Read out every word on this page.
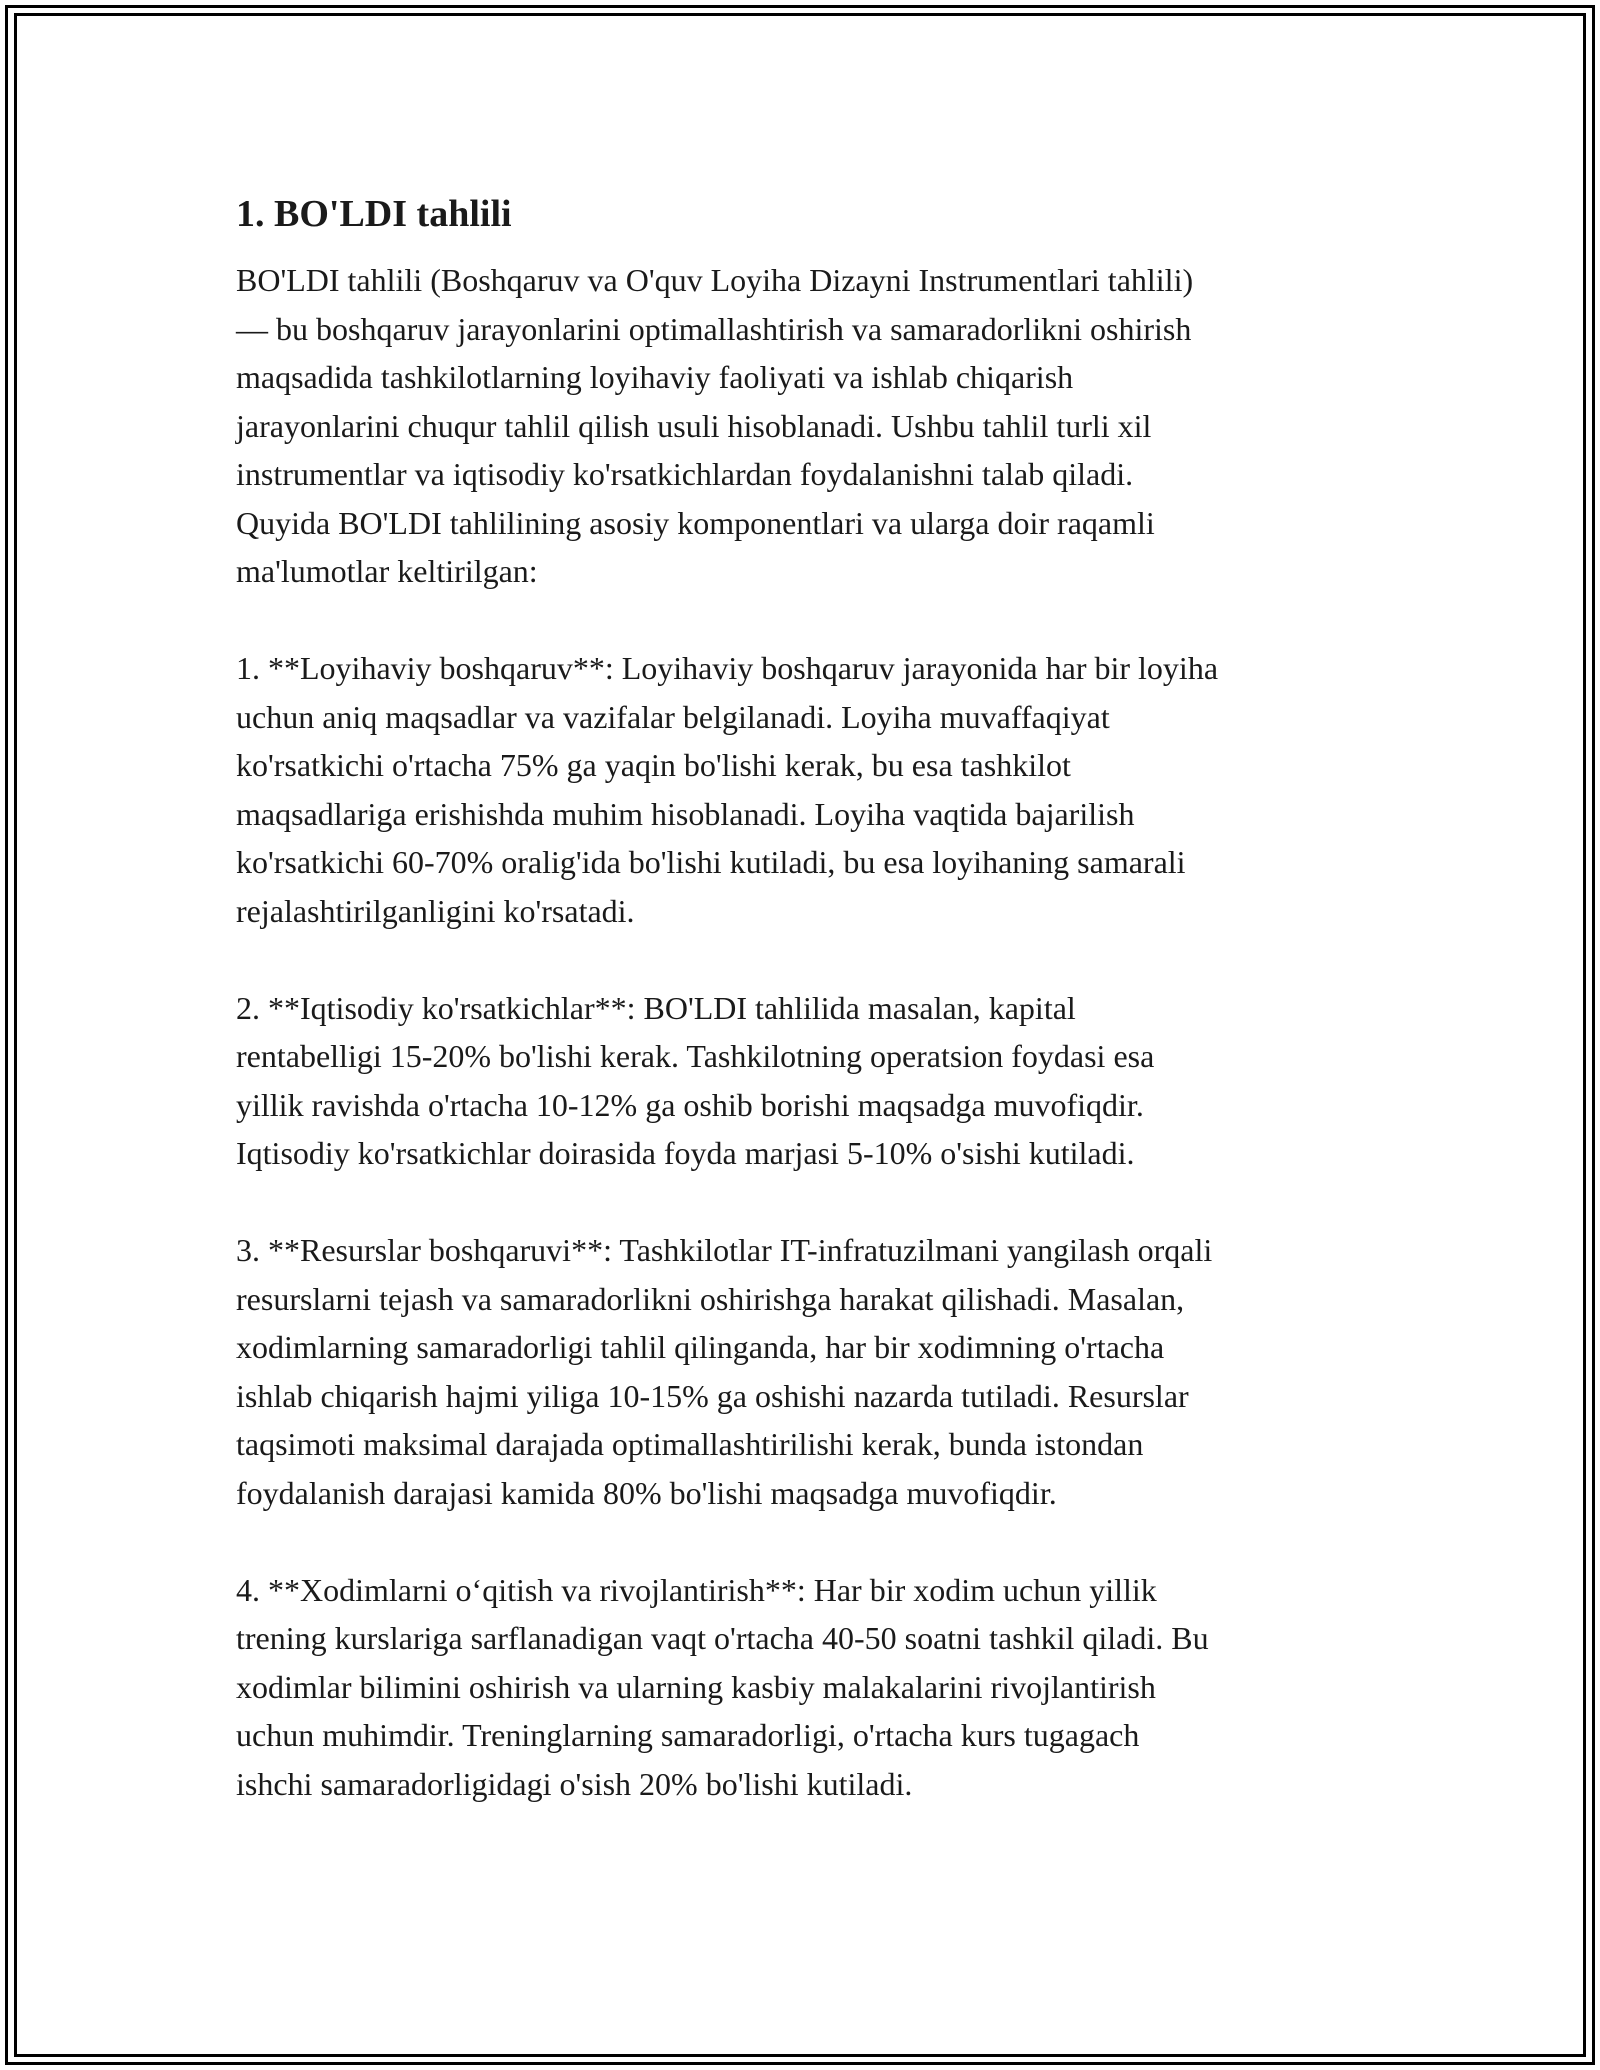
1. BO'LDI tahlili

BO'LDI tahlili (Boshqaruv va O'quv Loyiha Dizayni Instrumentlari tahlili)
— bu boshqaruv jarayonlarini optimallashtirish va samaradorlikni oshirish
maqsadida tashkilotlarning loyihaviy faoliyati va ishlab chiqarish
jarayonlarini chuqur tahlil qilish usuli hisoblanadi. Ushbu tahlil turli xil
instrumentlar va iqtisodiy ko'rsatkichlardan foydalanishni talab qiladi.
Quyida BO'LDI tahlilining asosiy komponentlari va ularga doir raqamli
ma'lumotlar keltirilgan:

1. **Loyihaviy boshqaruv**: Loyihaviy boshqaruv jarayonida har bir loyiha
uchun aniq maqsadlar va vazifalar belgilanadi. Loyiha muvaffaqiyat
ko'rsatkichi o'rtacha 75% ga yaqin bo'lishi kerak, bu esa tashkilot
maqsadlariga erishishda muhim hisoblanadi. Loyiha vaqtida bajarilish
ko'rsatkichi 60-70% oralig'ida bo'lishi kutiladi, bu esa loyihaning samarali
rejalashtirilganligini ko'rsatadi.

2. **Iqtisodiy ko'rsatkichlar**: BO'LDI tahlilida masalan, kapital
rentabelligi 15-20% bo'lishi kerak. Tashkilotning operatsion foydasi esa
yillik ravishda o'rtacha 10-12% ga oshib borishi maqsadga muvofiqdir.
Iqtisodiy ko'rsatkichlar doirasida foyda marjasi 5-10% o'sishi kutiladi.

3. **Resurslar boshqaruvi**: Tashkilotlar IT-infratuzilmani yangilash orqali
resurslarni tejash va samaradorlikni oshirishga harakat qilishadi. Masalan,
xodimlarning samaradorligi tahlil qilinganda, har bir xodimning o'rtacha
ishlab chiqarish hajmi yiliga 10-15% ga oshishi nazarda tutiladi. Resurslar
taqsimoti maksimal darajada optimallashtirilishi kerak, bunda istondan
foydalanish darajasi kamida 80% bo'lishi maqsadga muvofiqdir.

4. **Xodimlarni o‘qitish va rivojlantirish**: Har bir xodim uchun yillik
trening kurslariga sarflanadigan vaqt o'rtacha 40-50 soatni tashkil qiladi. Bu
xodimlar bilimini oshirish va ularning kasbiy malakalarini rivojlantirish
uchun muhimdir. Treninglarning samaradorligi, o'rtacha kurs tugagach
ishchi samaradorligidagi o'sish 20% bo'lishi kutiladi.
